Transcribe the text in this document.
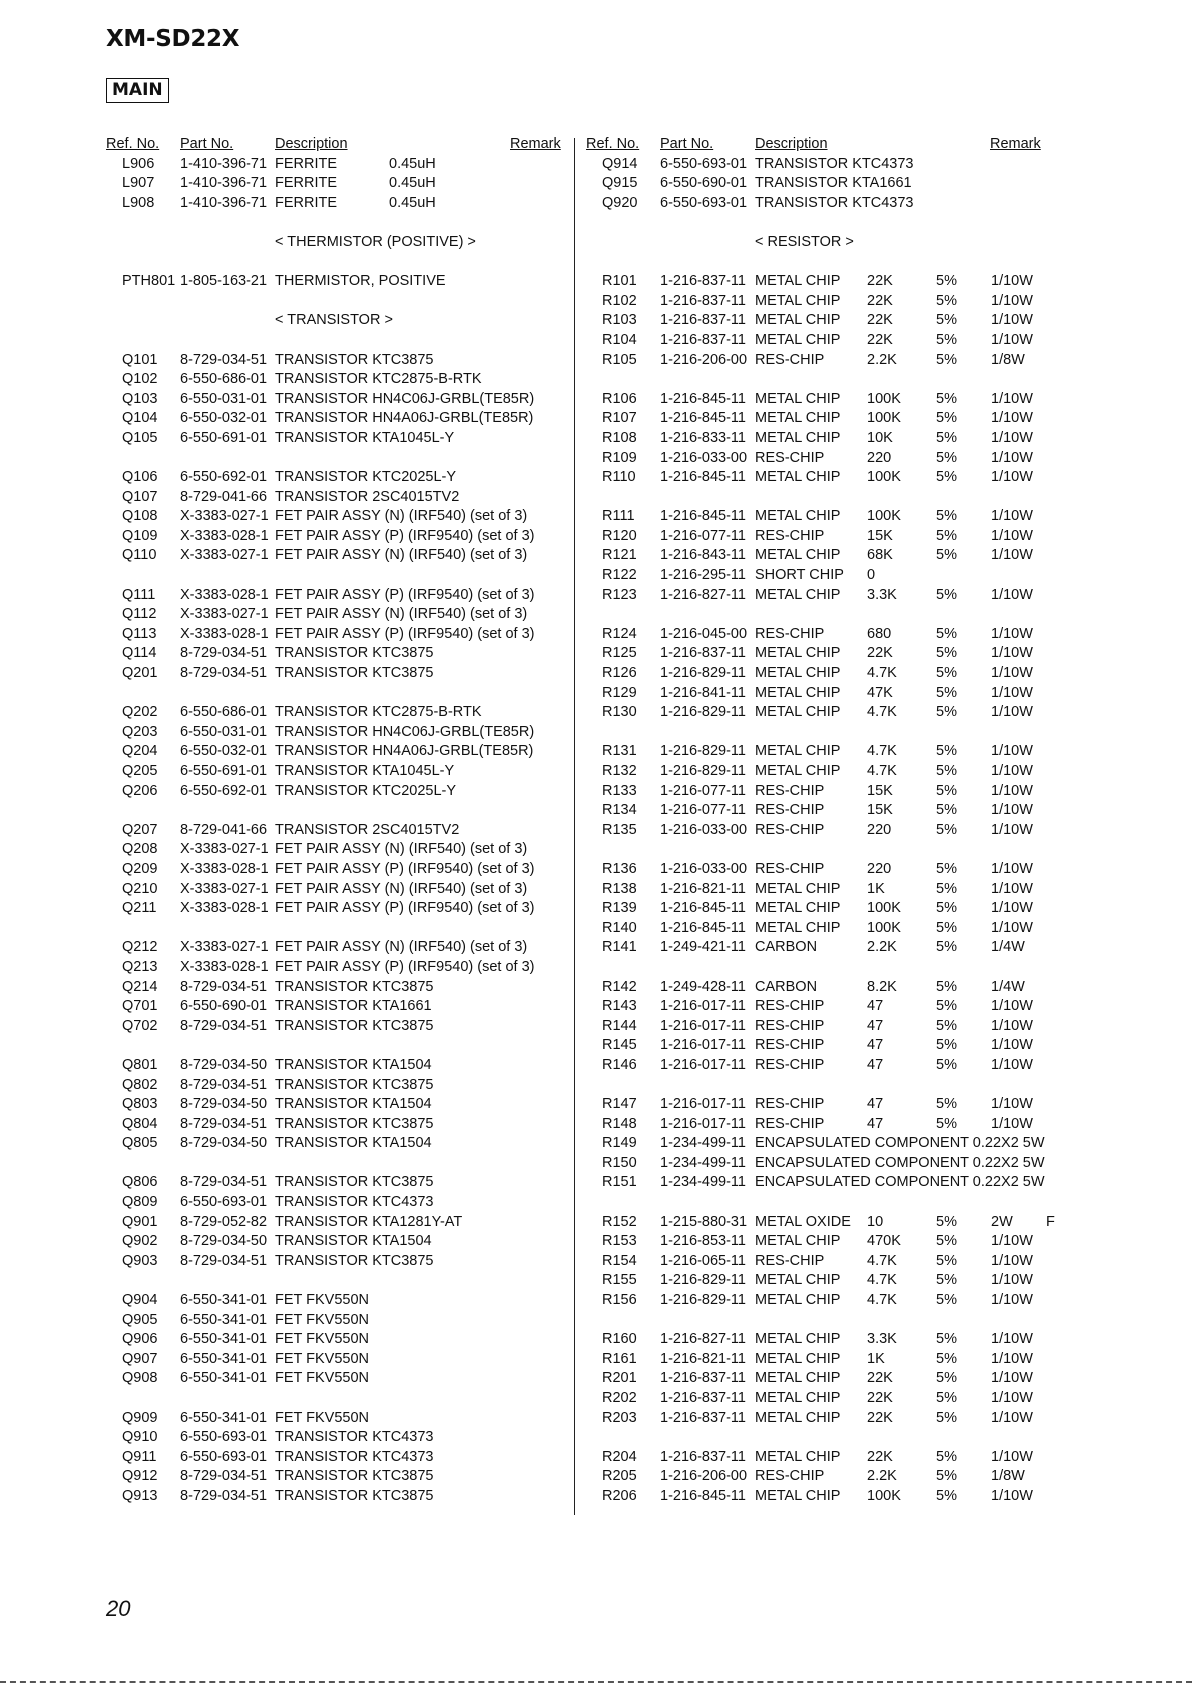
XM-SD22X
MAIN
Ref. No. Part No.	Description	Remark
L906 1-410-396-71 FERRITE	0.45uH
L907 1-410-396-71 FERRITE	0.45uH
L908 1-410-396-71 FERRITE	0.45uH
< THERMISTOR (POSITIVE) >
PTH801 1-805-163-21 THERMISTOR, POSITIVE
< TRANSISTOR >
Q101 8-729-034-51 TRANSISTOR KTC3875
Q102 6-550-686-01 TRANSISTOR KTC2875-B-RTK
Q103 6-550-031-01 TRANSISTOR HN4C06J-GRBL(TE85R)
Q104 6-550-032-01 TRANSISTOR HN4A06J-GRBL(TE85R)
Q105 6-550-691-01 TRANSISTOR KTA1045L-Y
Q106 6-550-692-01 TRANSISTOR KTC2025L-Y
Q107 8-729-041-66 TRANSISTOR 2SC4015TV2
Q108 X-3383-027-1 FET PAIR ASSY (N) (IRF540) (set of 3)
Q109 X-3383-028-1 FET PAIR ASSY (P) (IRF9540) (set of 3)
Q110 X-3383-027-1 FET PAIR ASSY (N) (IRF540) (set of 3)
Q111 X-3383-028-1 FET PAIR ASSY (P) (IRF9540) (set of 3)
Q112 X-3383-027-1 FET PAIR ASSY (N) (IRF540) (set of 3)
Q113 X-3383-028-1 FET PAIR ASSY (P) (IRF9540) (set of 3)
Q114 8-729-034-51 TRANSISTOR KTC3875
Q201 8-729-034-51 TRANSISTOR KTC3875
Q202 6-550-686-01 TRANSISTOR KTC2875-B-RTK
Q203 6-550-031-01 TRANSISTOR HN4C06J-GRBL(TE85R)
Q204 6-550-032-01 TRANSISTOR HN4A06J-GRBL(TE85R)
Q205 6-550-691-01 TRANSISTOR KTA1045L-Y
Q206 6-550-692-01 TRANSISTOR KTC2025L-Y
Q207 8-729-041-66 TRANSISTOR 2SC4015TV2
Q208 X-3383-027-1 FET PAIR ASSY (N) (IRF540) (set of 3)
Q209 X-3383-028-1 FET PAIR ASSY (P) (IRF9540) (set of 3)
Q210 X-3383-027-1 FET PAIR ASSY (N) (IRF540) (set of 3)
Q211 X-3383-028-1 FET PAIR ASSY (P) (IRF9540) (set of 3)
Q212 X-3383-027-1 FET PAIR ASSY (N) (IRF540) (set of 3)
Q213 X-3383-028-1 FET PAIR ASSY (P) (IRF9540) (set of 3)
Q214 8-729-034-51 TRANSISTOR KTC3875
Q701 6-550-690-01 TRANSISTOR KTA1661
Q702 8-729-034-51 TRANSISTOR KTC3875
Q801 8-729-034-50 TRANSISTOR KTA1504
Q802 8-729-034-51 TRANSISTOR KTC3875
Q803 8-729-034-50 TRANSISTOR KTA1504
Q804 8-729-034-51 TRANSISTOR KTC3875
Q805 8-729-034-50 TRANSISTOR KTA1504
Q806 8-729-034-51 TRANSISTOR KTC3875
Q809 6-550-693-01 TRANSISTOR KTC4373
Q901 8-729-052-82 TRANSISTOR KTA1281Y-AT
Q902 8-729-034-50 TRANSISTOR KTA1504
Q903 8-729-034-51 TRANSISTOR KTC3875
Q904 6-550-341-01 FET FKV550N
Q905 6-550-341-01 FET FKV550N
Q906 6-550-341-01 FET FKV550N
Q907 6-550-341-01 FET FKV550N
Q908 6-550-341-01 FET FKV550N
Q909 6-550-341-01 FET FKV550N
Q910 6-550-693-01 TRANSISTOR KTC4373
Q911 6-550-693-01 TRANSISTOR KTC4373
Q912 8-729-034-51 TRANSISTOR KTC3875
Q913 8-729-034-51 TRANSISTOR KTC3875
Ref. No. Part No.	Description	Remark
Q914 6-550-693-01 TRANSISTOR KTC4373
Q915 6-550-690-01 TRANSISTOR KTA1661
Q920 6-550-693-01 TRANSISTOR KTC4373
< RESISTOR >
R101 1-216-837-11 METAL CHIP 22K	5% 1/10W
R102 1-216-837-11 METAL CHIP 22K	5% 1/10W
R103 1-216-837-11 METAL CHIP 22K	5% 1/10W
R104 1-216-837-11 METAL CHIP 22K	5% 1/10W
R105 1-216-206-00 RES-CHIP	2.2K	5% 1/8W
R106 1-216-845-11 METAL CHIP 100K 5% 1/10W
R107 1-216-845-11 METAL CHIP 100K 5% 1/10W
R108 1-216-833-11 METAL CHIP 10K	5% 1/10W
R109 1-216-033-00 RES-CHIP	220	5% 1/10W
R110 1-216-845-11 METAL CHIP 100K 5% 1/10W
R111 1-216-845-11 METAL CHIP 100K 5% 1/10W
R120 1-216-077-11 RES-CHIP	15K	5% 1/10W
R121 1-216-843-11 METAL CHIP 68K	5% 1/10W
R122 1-216-295-11 SHORT CHIP 0
R123 1-216-827-11 METAL CHIP 3.3K	5% 1/10W
R124 1-216-045-00 RES-CHIP	680	5% 1/10W
R125 1-216-837-11 METAL CHIP 22K	5% 1/10W
R126 1-216-829-11 METAL CHIP 4.7K	5% 1/10W
R129 1-216-841-11 METAL CHIP 47K	5% 1/10W
R130 1-216-829-11 METAL CHIP 4.7K	5% 1/10W
R131 1-216-829-11 METAL CHIP 4.7K	5% 1/10W
R132 1-216-829-11 METAL CHIP 4.7K	5% 1/10W
R133 1-216-077-11 RES-CHIP	15K	5% 1/10W
R134 1-216-077-11 RES-CHIP	15K	5% 1/10W
R135 1-216-033-00 RES-CHIP	220	5% 1/10W
R136 1-216-033-00 RES-CHIP	220	5% 1/10W
R138 1-216-821-11 METAL CHIP 1K	5% 1/10W
R139 1-216-845-11 METAL CHIP 100K 5% 1/10W
R140 1-216-845-11 METAL CHIP 100K 5% 1/10W
R141 1-249-421-11 CARBON	2.2K	5% 1/4W
R142 1-249-428-11 CARBON	8.2K	5% 1/4W
R143 1-216-017-11 RES-CHIP	47	5% 1/10W
R144 1-216-017-11 RES-CHIP	47	5% 1/10W
R145 1-216-017-11 RES-CHIP	47	5% 1/10W
R146 1-216-017-11 RES-CHIP	47	5% 1/10W
R147 1-216-017-11 RES-CHIP	47	5% 1/10W
R148 1-216-017-11 RES-CHIP	47	5% 1/10W
R149 1-234-499-11 ENCAPSULATED COMPONENT 0.22X2 5W
R150 1-234-499-11 ENCAPSULATED COMPONENT 0.22X2 5W
R151 1-234-499-11 ENCAPSULATED COMPONENT 0.22X2 5W
R152 1-215-880-31 METAL OXIDE 10	5% 2W F
R153 1-216-853-11 METAL CHIP 470K 5% 1/10W
R154 1-216-065-11 RES-CHIP	4.7K	5% 1/10W
R155 1-216-829-11 METAL CHIP 4.7K	5% 1/10W
R156 1-216-829-11 METAL CHIP 4.7K	5% 1/10W
R160 1-216-827-11 METAL CHIP 3.3K	5% 1/10W
R161 1-216-821-11 METAL CHIP 1K	5% 1/10W
R201 1-216-837-11 METAL CHIP 22K	5% 1/10W
R202 1-216-837-11 METAL CHIP 22K	5% 1/10W
R203 1-216-837-11 METAL CHIP 22K	5% 1/10W
R204 1-216-837-11 METAL CHIP 22K	5% 1/10W
R205 1-216-206-00 RES-CHIP	2.2K	5% 1/8W
R206 1-216-845-11 METAL CHIP 100K 5% 1/10W
20
